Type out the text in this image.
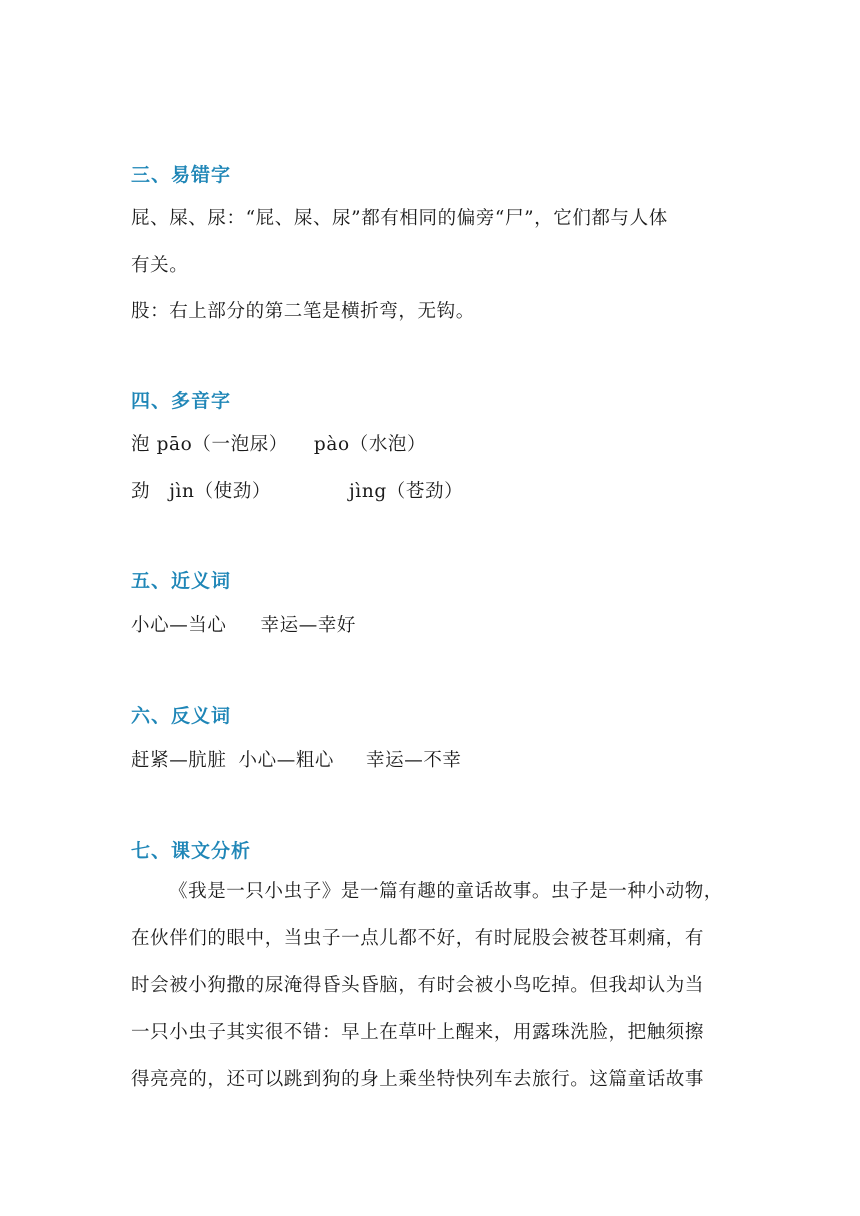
三、易错字
屁、屎、尿：“屁、屎、尿”都有相同的偏旁“尸”，它们都与人体
有关。
股：右上部分的第二笔是横折弯，无钩。
四、多音字
泡 pāo（一泡尿） pào（水泡）
劲　jìn（使劲）	jìng（苍劲）
五、近义词
小心—当心 幸运—幸好
六、反义词
赶紧—肮脏 小心—粗心 幸运—不幸
七、课文分析
《我是一只小虫子》是一篇有趣的童话故事。虫子是一种小动物，
在伙伴们的眼中，当虫子一点儿都不好，有时屁股会被苍耳刺痛，有
时会被小狗撒的尿淹得昏头昏脑，有时会被小鸟吃掉。但我却认为当
一只小虫子其实很不错：早上在草叶上醒来，用露珠洗脸，把触须擦
得亮亮的，还可以跳到狗的身上乘坐特快列车去旅行。这篇童话故事
